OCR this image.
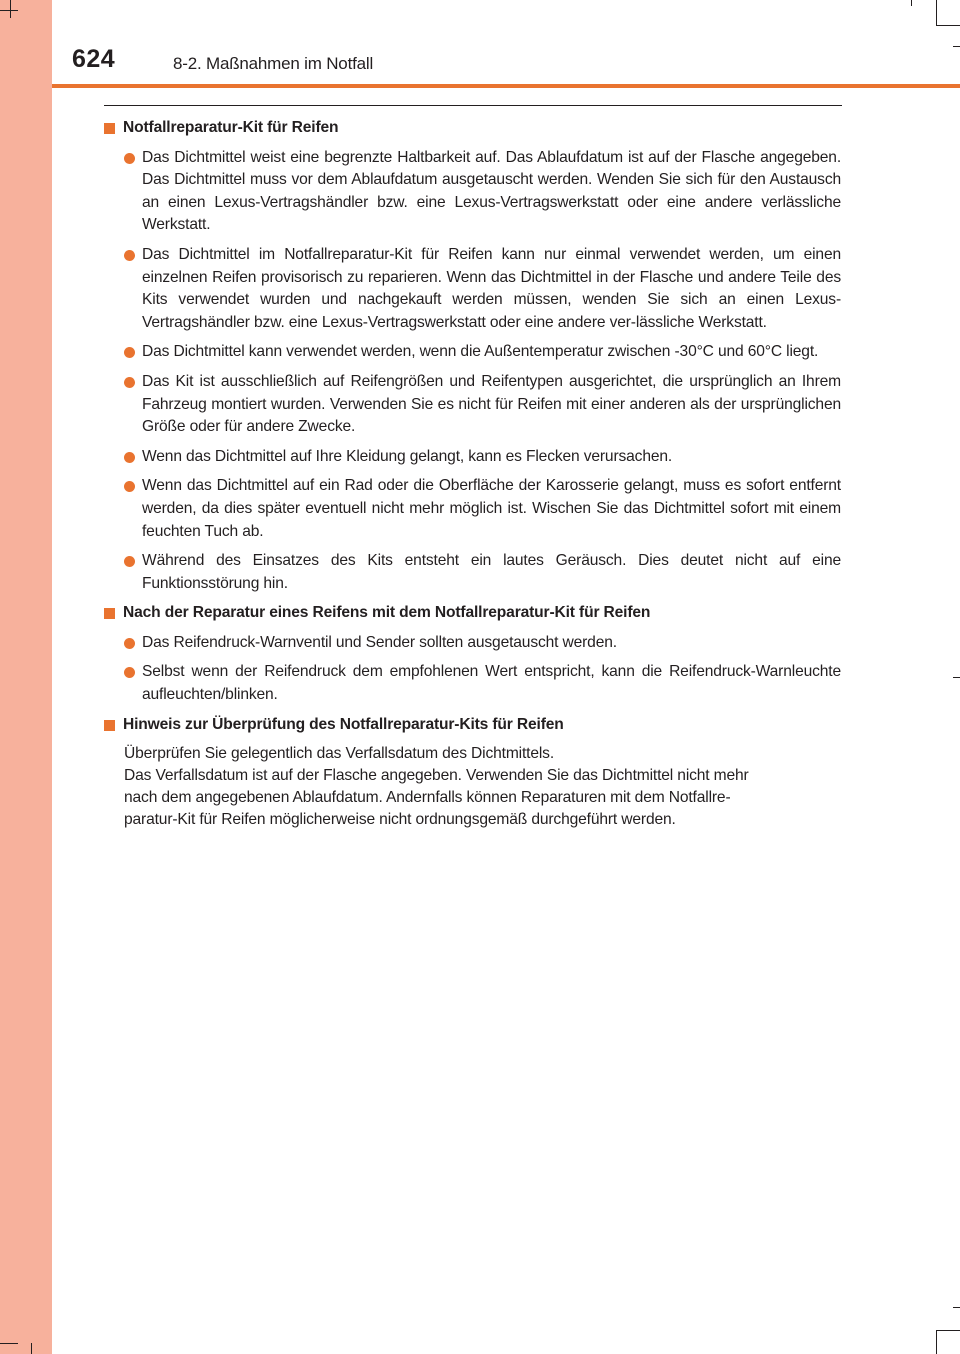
624	8-2. Maßnahmen im Notfall
Notfallreparatur-Kit für Reifen
Das Dichtmittel weist eine begrenzte Haltbarkeit auf. Das Ablaufdatum ist auf der Flasche angegeben. Das Dichtmittel muss vor dem Ablaufdatum ausgetauscht werden. Wenden Sie sich für den Austausch an einen Lexus-Vertragshändler bzw. eine Lexus-Vertragswerkstatt oder eine andere verlässliche Werkstatt.
Das Dichtmittel im Notfallreparatur-Kit für Reifen kann nur einmal verwendet werden, um einen einzelnen Reifen provisorisch zu reparieren. Wenn das Dichtmittel in der Flasche und andere Teile des Kits verwendet wurden und nachgekauft werden müssen, wenden Sie sich an einen Lexus-Vertragshändler bzw. eine Lexus-Vertragswerkstatt oder eine andere ver-lässliche Werkstatt.
Das Dichtmittel kann verwendet werden, wenn die Außentemperatur zwischen -30°C und 60°C liegt.
Das Kit ist ausschließlich auf Reifengrößen und Reifentypen ausgerichtet, die ursprünglich an Ihrem Fahrzeug montiert wurden. Verwenden Sie es nicht für Reifen mit einer anderen als der ursprünglichen Größe oder für andere Zwecke.
Wenn das Dichtmittel auf Ihre Kleidung gelangt, kann es Flecken verursachen.
Wenn das Dichtmittel auf ein Rad oder die Oberfläche der Karosserie gelangt, muss es sofort entfernt werden, da dies später eventuell nicht mehr möglich ist. Wischen Sie das Dichtmittel sofort mit einem feuchten Tuch ab.
Während des Einsatzes des Kits entsteht ein lautes Geräusch. Dies deutet nicht auf eine Funktionsstörung hin.
Nach der Reparatur eines Reifens mit dem Notfallreparatur-Kit für Reifen
Das Reifendruck-Warnventil und Sender sollten ausgetauscht werden.
Selbst wenn der Reifendruck dem empfohlenen Wert entspricht, kann die Reifendruck-Warnleuchte aufleuchten/blinken.
Hinweis zur Überprüfung des Notfallreparatur-Kits für Reifen
Überprüfen Sie gelegentlich das Verfallsdatum des Dichtmittels.
Das Verfallsdatum ist auf der Flasche angegeben. Verwenden Sie das Dichtmittel nicht mehr
nach dem angegebenen Ablaufdatum. Andernfalls können Reparaturen mit dem Notfallre-
paratur-Kit für Reifen möglicherweise nicht ordnungsgemäß durchgeführt werden.
